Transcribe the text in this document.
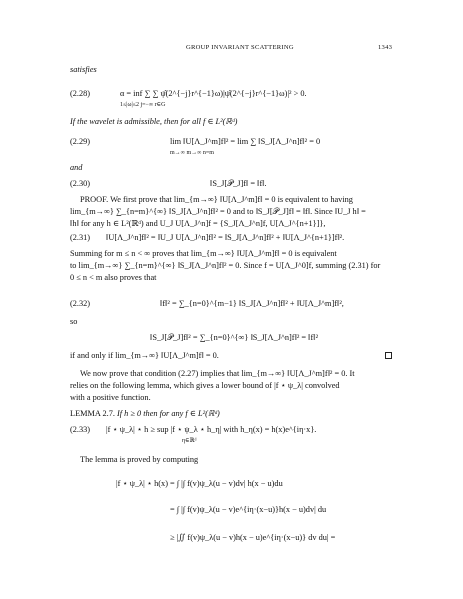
GROUP INVARIANT SCATTERING	1343
satisfies
(2.28)	α = inf ∑ ∑ ψ̂(2^{−j}r^{−1}ω)|ψ̂(2^{−j}r^{−1}ω)|² > 0.
1≤|ω|≤2 j=−∞ r∈G
If the wavelet is admissible, then for all f ∈ L²(ℝᵈ)
(2.29)	lim ‖U[Λ_J^m]f‖² = lim ∑ ‖S_J[Λ_J^n]f‖² = 0
m→∞ m→∞ n=m
and
(2.30)	‖S_J[𝒫_J]f‖ = ‖f‖.
PROOF. We first prove that lim_{m→∞} ‖U[Λ_J^m]f‖ = 0 is equivalent to having
lim_{m→∞} ∑_{n=m}^{∞} ‖S_J[Λ_J^n]f‖² = 0 and to ‖S_J[𝒫_J]f‖ = ‖f‖. Since ‖U_J h‖ =
‖h‖ for any h ∈ L²(ℝᵈ) and U_J U[Λ_J^n]f = {S_J[Λ_J^n]f, U[Λ_J^{n+1}]},
(2.31) ‖U[Λ_J^n]f‖² = ‖U_J U[Λ_J^n]f‖² = ‖S_J[Λ_J^n]f‖² + ‖U[Λ_J^{n+1}]f‖².
Summing for m ≤ n < ∞ proves that lim_{m→∞} ‖U[Λ_J^m]f‖ = 0 is equivalent
to lim_{m→∞} ∑_{n=m}^{∞} ‖S_J[Λ_J^n]f‖² = 0. Since f = U[Λ_J^0]f, summing (2.31) for
0 ≤ n < m also proves that
(2.32)	‖f‖² = ∑_{n=0}^{m−1} ‖S_J[Λ_J^n]f‖² + ‖U[Λ_J^m]f‖²,
so
‖S_J[𝒫_J]f‖² = ∑_{n=0}^{∞} ‖S_J[Λ_J^n]f‖² = ‖f‖²
if and only if lim_{m→∞} ‖U[Λ_J^m]f‖ = 0.
We now prove that condition (2.27) implies that lim_{m→∞} ‖U[Λ_J^m]f‖² = 0. It
relies on the following lemma, which gives a lower bound of |f ⋆ ψ_λ| convolved
with a positive function.
LEMMA 2.7. If h ≥ 0 then for any f ∈ L²(ℝᵈ)
(2.33) |f ⋆ ψ_λ| ⋆ h ≥ sup |f ⋆ ψ_λ ⋆ h_η| with h_η(x) = h(x)e^{iη·x}.
η∈ℝᵈ
The lemma is proved by computing
|f ⋆ ψ_λ| ⋆ h(x) = ∫ |∫ f(v)ψ_λ(u − v)dv| h(x − u)du
= ∫ |∫ f(v)ψ_λ(u − v)e^{iη·(x−u)}h(x − u)dv| du
≥ |∬ f(v)ψ_λ(u − v)h(x − u)e^{iη·(x−u)} dv du| =
